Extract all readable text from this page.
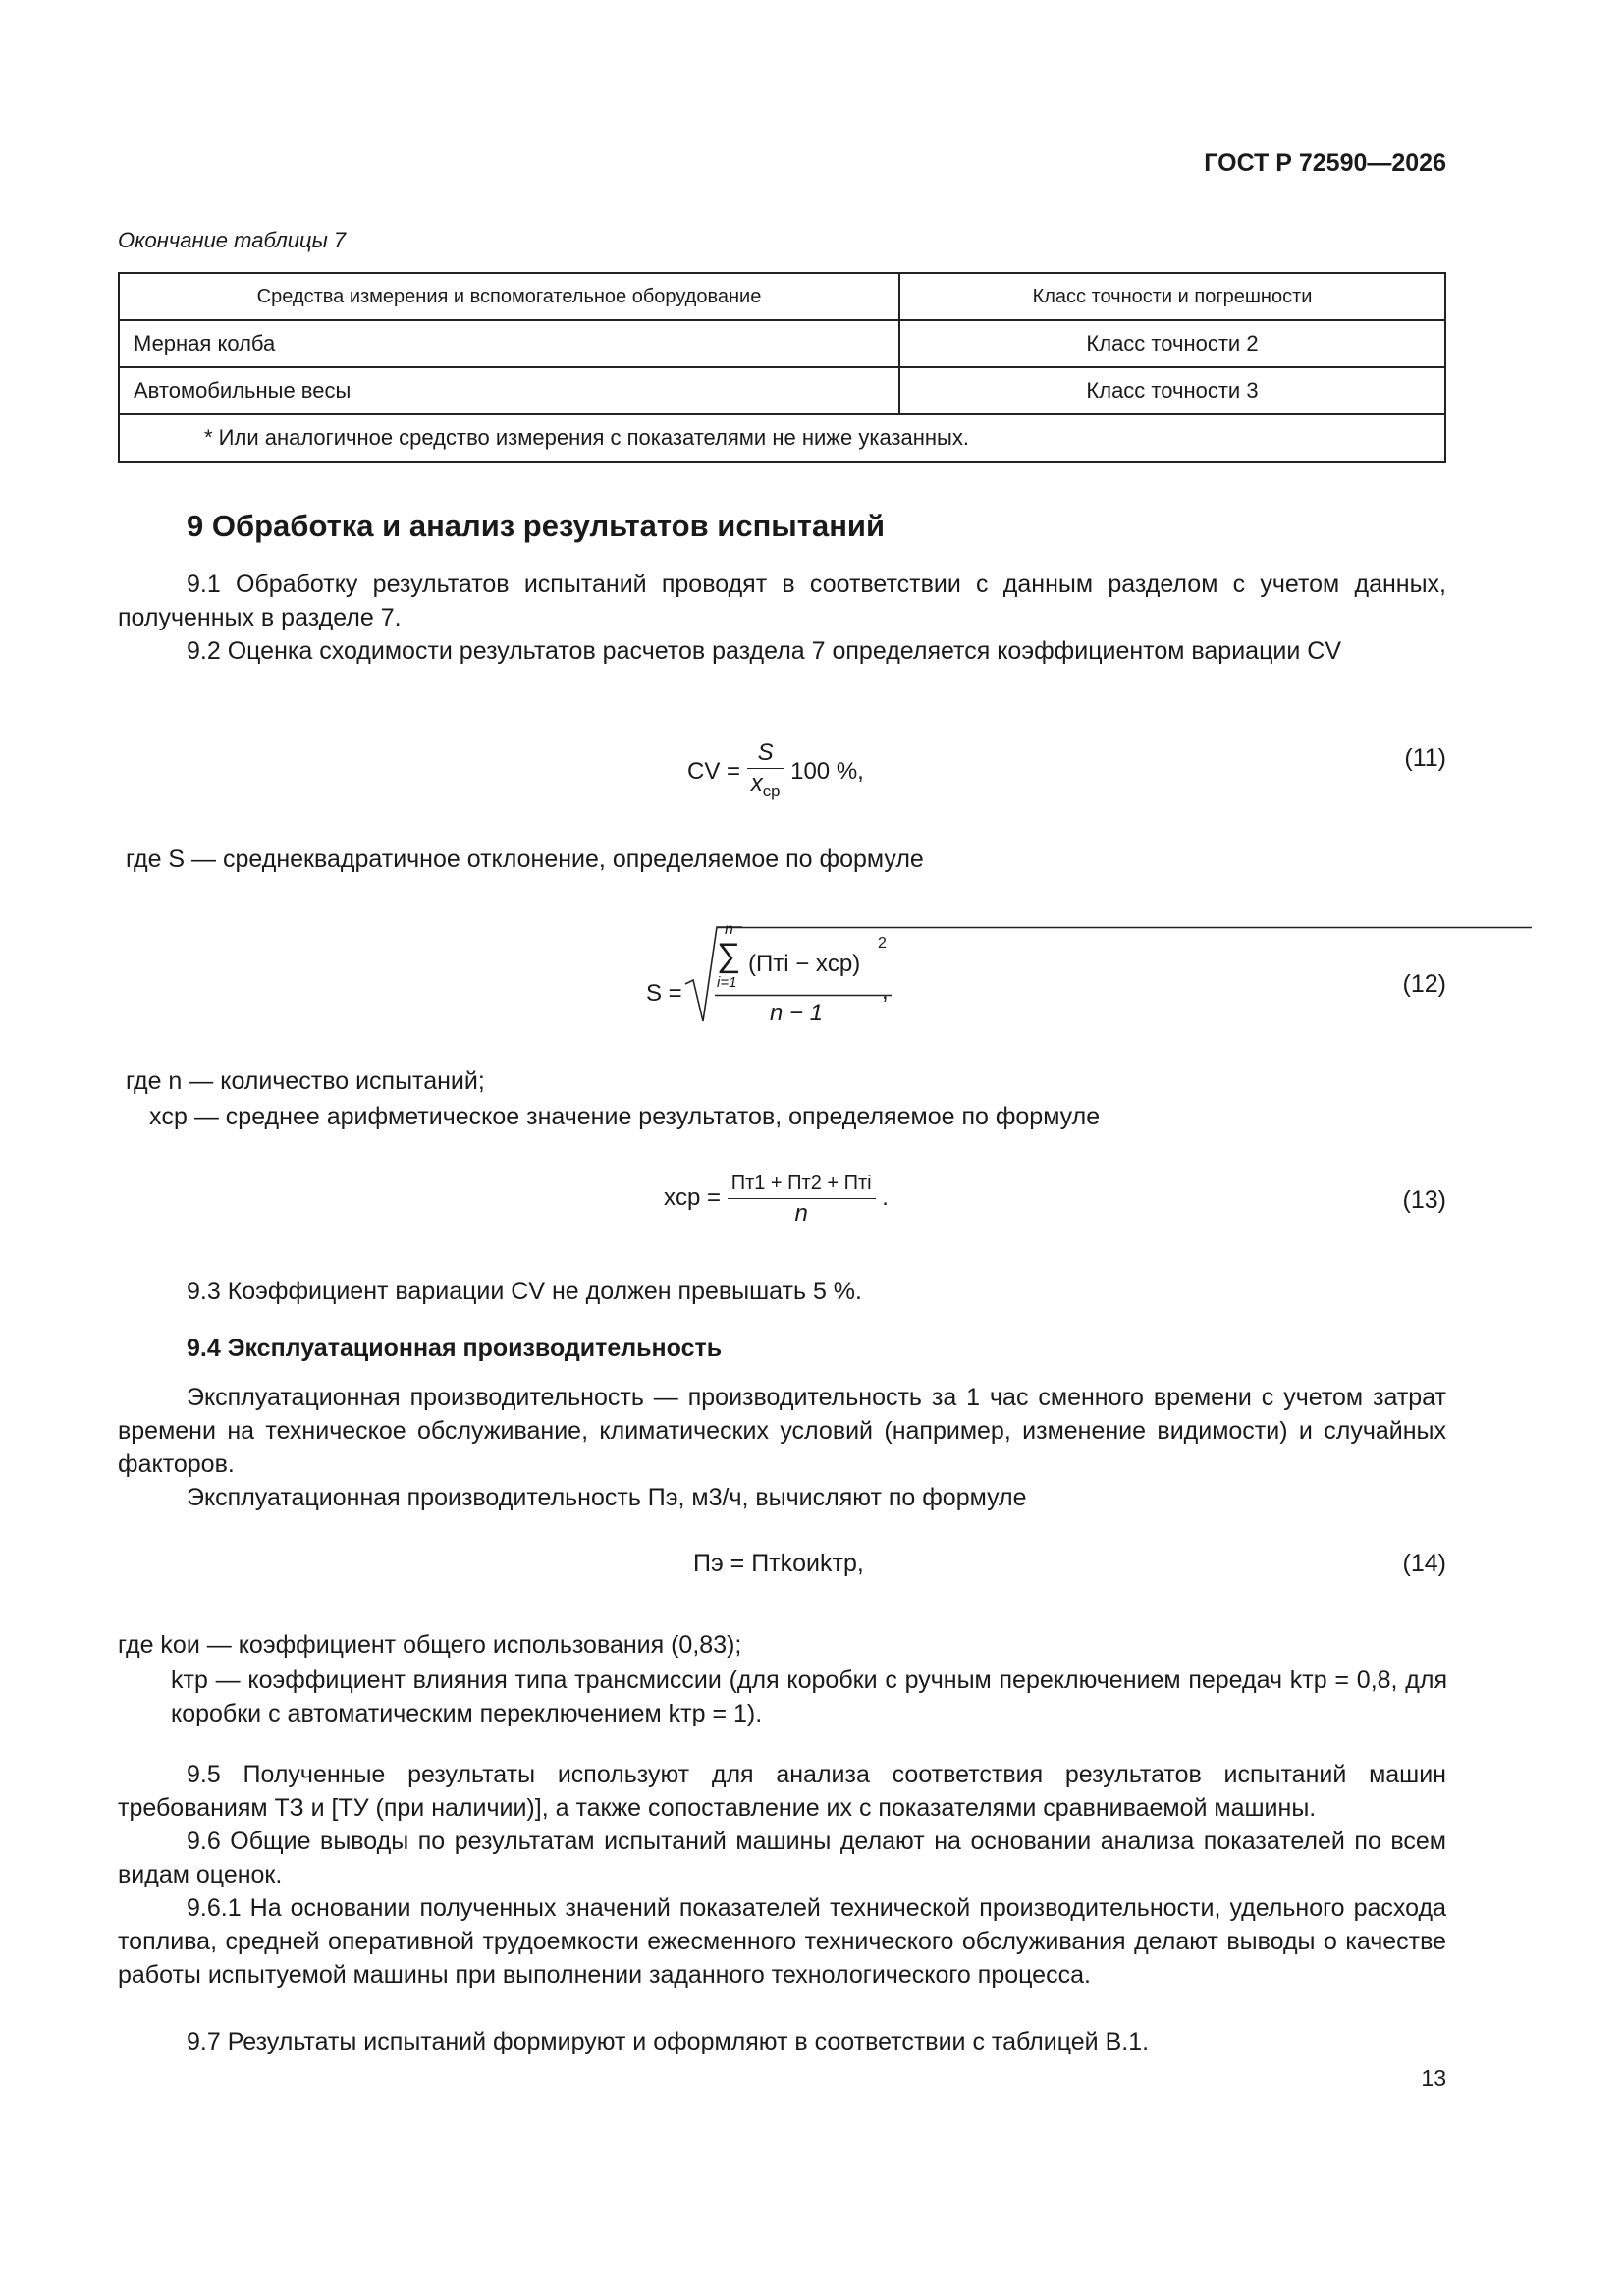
ГОСТ Р 72590—2026
Окончание таблицы 7
Средства измерения и вспомогательное оборудование	Класс точности и погрешности
Мерная колба	Класс точности 2
Автомобильные весы	Класс точности 3
* Или аналогичное средство измерения с показателями не ниже указанных.	
9 Обработка и анализ результатов испытаний
9.1 Обработку результатов испытаний проводят в соответствии с данным разделом с учетом данных, полученных в разделе 7.
9.2 Оценка сходимости результатов расчетов раздела 7 определяется коэффициентом вариации CV
CV = $\frac{S}{x_{ср}} 100$ %,	(11)
где S — среднеквадратичное отклонение, определяемое по формуле
S =
n
∑
i=1
(Птi − xср)
2
n − 1
,	(12)
где n — количество испытаний;
xср — среднее арифметическое значение результатов, определяемое по формуле
xср = $\frac{\text{Пт1 + Пт2 + Птi}}{n}$ .	(13)
9.3 Коэффициент вариации CV не должен превышать 5 %.
9.4 Эксплуатационная производительность
Эксплуатационная производительность — производительность за 1 час сменного времени с учетом затрат времени на техническое обслуживание, климатических условий (например, изменение видимости) и случайных факторов.
Эксплуатационная производительность Пэ, м3/ч, вычисляют по формуле
Пэ = Птkоиkтр,	(14)
где kои — коэффициент общего использования (0,83);
kтр — коэффициент влияния типа трансмиссии (для коробки с ручным переключением передач kтр = 0,8, для коробки с автоматическим переключением kтр = 1).
9.5 Полученные результаты используют для анализа соответствия результатов испытаний машин требованиям ТЗ и [ТУ (при наличии)], а также сопоставление их с показателями сравниваемой машины.
9.6 Общие выводы по результатам испытаний машины делают на основании анализа показателей по всем видам оценок.
9.6.1 На основании полученных значений показателей технической производительности, удельного расхода топлива, средней оперативной трудоемкости ежесменного технического обслуживания делают выводы о качестве работы испытуемой машины при выполнении заданного технологического процесса.
9.7 Результаты испытаний формируют и оформляют в соответствии с таблицей В.1.
13
